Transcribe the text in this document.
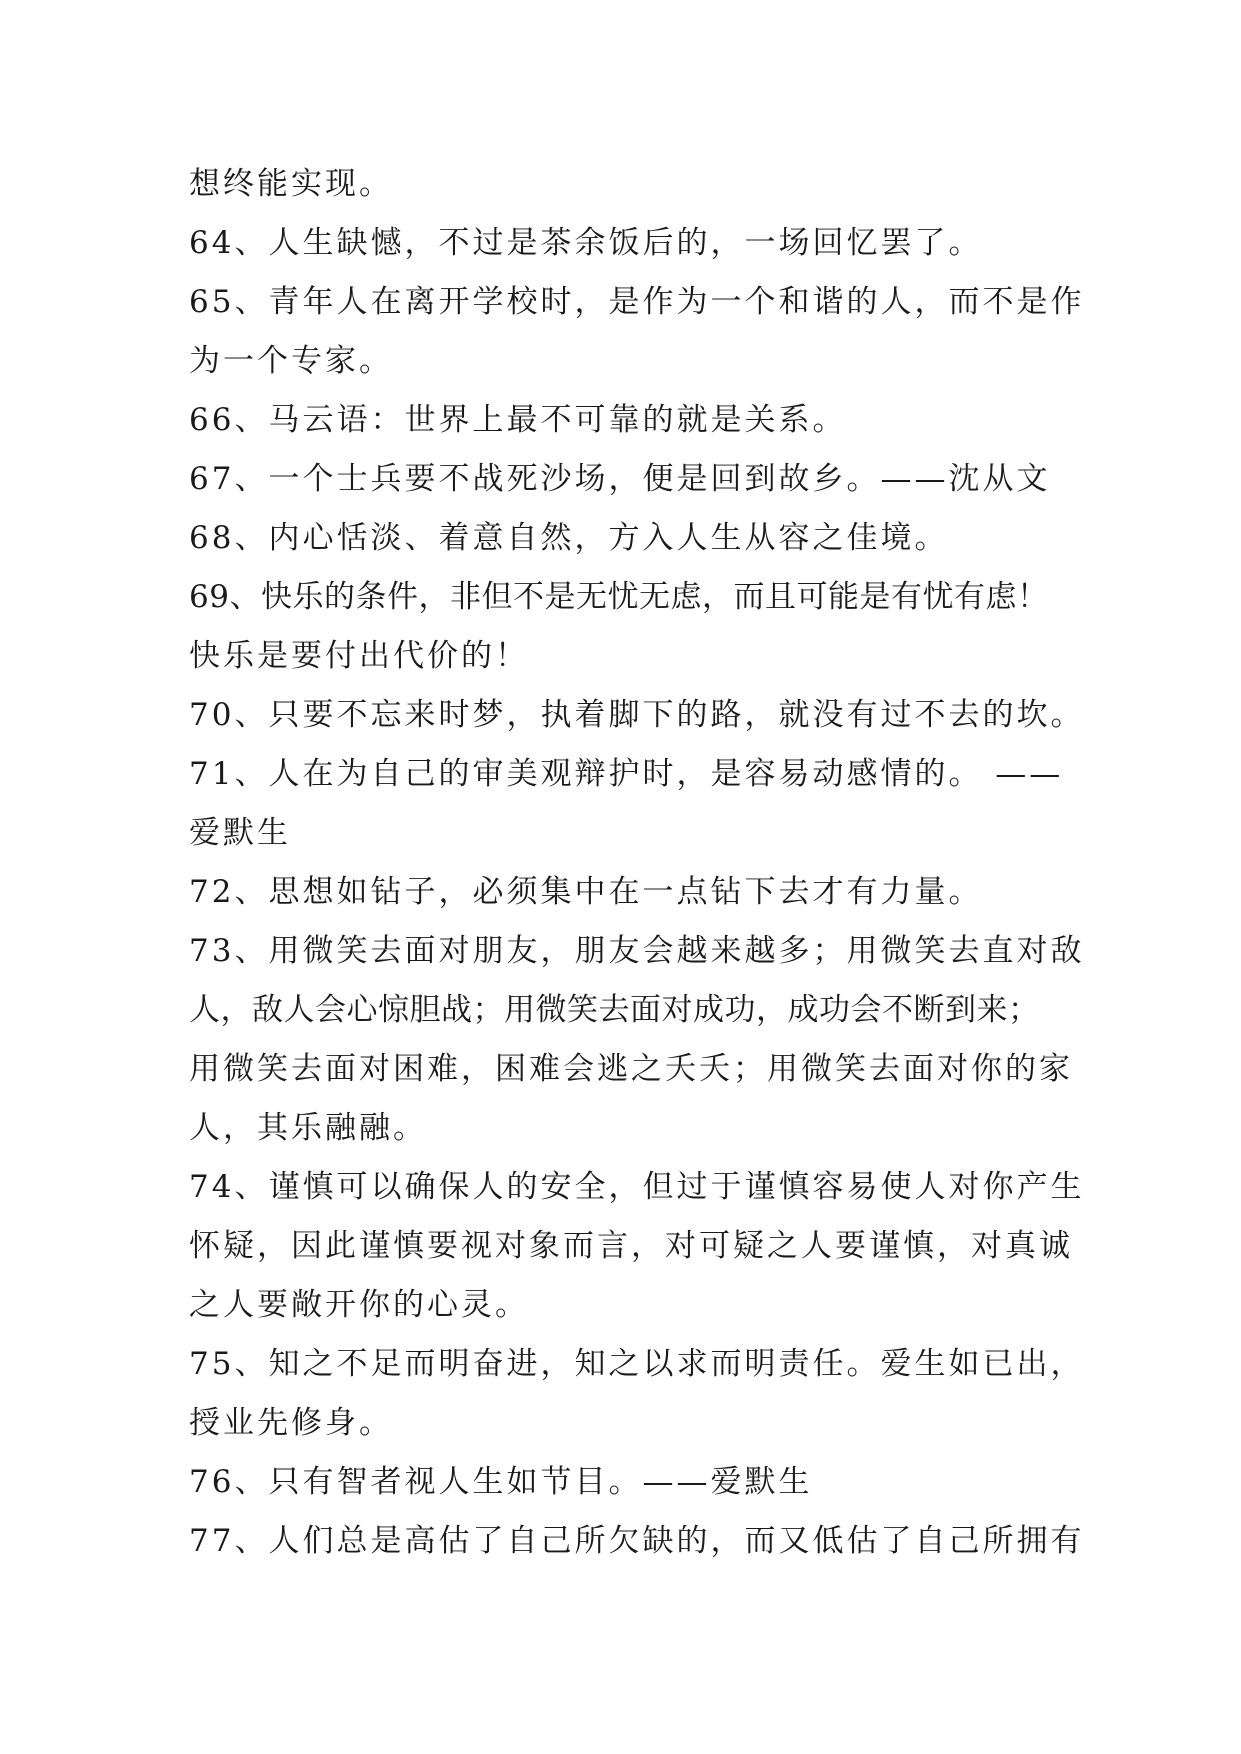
想终能实现。
64、人生缺憾，不过是茶余饭后的，一场回忆罢了。
65、青年人在离开学校时，是作为一个和谐的人，而不是作
为一个专家。
66、马云语：世界上最不可靠的就是关系。
67、一个士兵要不战死沙场，便是回到故乡。——沈从文
68、内心恬淡、着意自然，方入人生从容之佳境。
69、快乐的条件，非但不是无忧无虑，而且可能是有忧有虑！
快乐是要付出代价的！
70、只要不忘来时梦，执着脚下的路，就没有过不去的坎。
71、人在为自己的审美观辩护时，是容易动感情的。 ——
爱默生
72、思想如钻子，必须集中在一点钻下去才有力量。
73、用微笑去面对朋友，朋友会越来越多；用微笑去直对敌
人，敌人会心惊胆战；用微笑去面对成功，成功会不断到来；
用微笑去面对困难，困难会逃之夭夭；用微笑去面对你的家
人，其乐融融。
74、谨慎可以确保人的安全，但过于谨慎容易使人对你产生
怀疑，因此谨慎要视对象而言，对可疑之人要谨慎，对真诚
之人要敞开你的心灵。
75、知之不足而明奋进，知之以求而明责任。爱生如已出，
授业先修身。
76、只有智者视人生如节目。——爱默生
77、人们总是高估了自己所欠缺的，而又低估了自己所拥有
